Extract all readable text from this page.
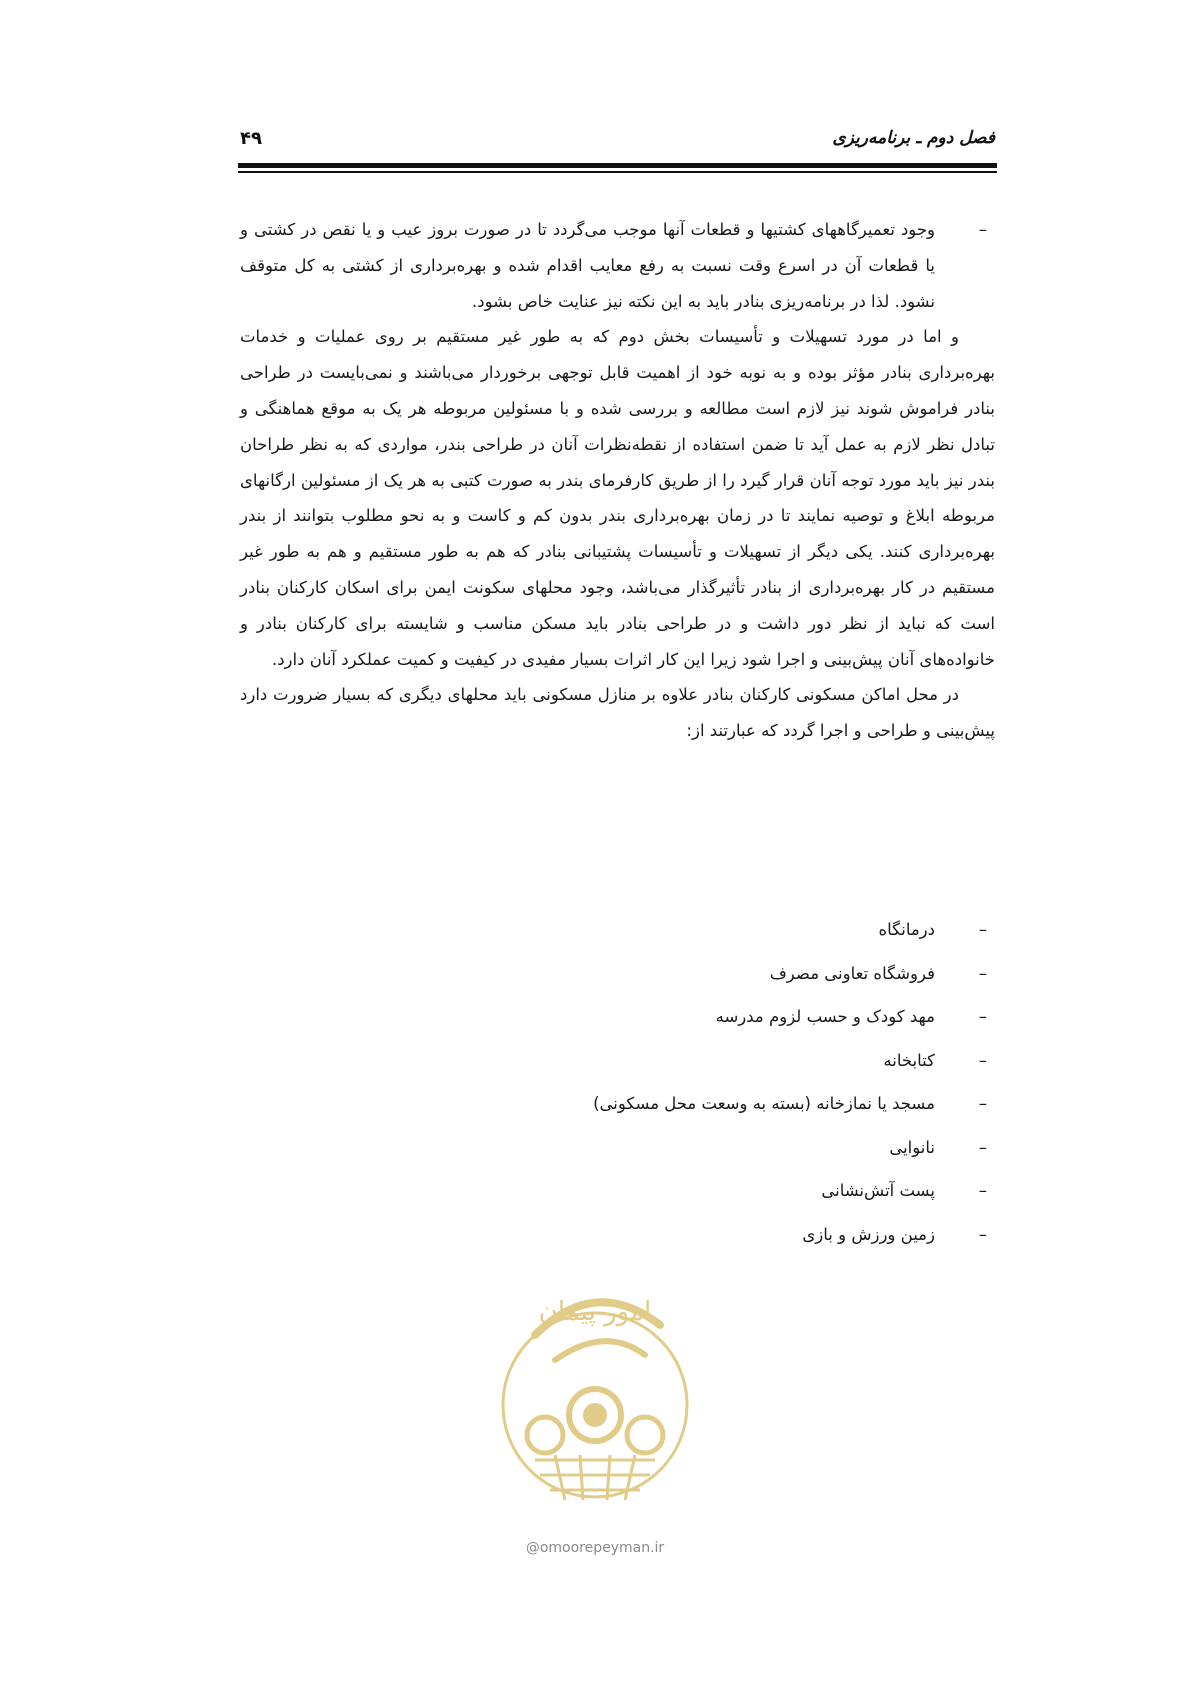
فصل دوم ـ برنامه‌ریزی
۴۹
–

وجود تعمیرگاههای کشتیها و قطعات آنها موجب می‌گردد تا در صورت بروز عیب و یا نقص در کشتی و یا قطعات آن در اسرع وقت نسبت به رفع معایب اقدام شده و بهره‌برداری از کشتی به کل متوقف نشود. لذا در برنامه‌ریزی بنادر باید به این نکته نیز عنایت خاص بشود.

و اما در مورد تسهیلات و تأسیسات بخش دوم که به طور غیر مستقیم بر روی عملیات و خدمات بهره‌برداری بنادر مؤثر بوده و به نوبه خود از اهمیت قابل توجهی برخوردار می‌باشند و نمی‌بایست در طراحی بنادر فراموش شوند نیز لازم است مطالعه و بررسی شده و با مسئولین مربوطه هر یک به موقع هماهنگی و تبادل نظر لازم به عمل آید تا ضمن استفاده از نقطه‌نظرات آنان در طراحی بندر، مواردی که به نظر طراحان بندر نیز باید مورد توجه آنان قرار گیرد را از طریق کارفرمای بندر به صورت کتبی به هر یک از مسئولین ارگانهای مربوطه ابلاغ و توصیه نمایند تا در زمان بهره‌برداری بندر بدون کم و کاست و به نحو مطلوب بتوانند از بندر بهره‌برداری کنند. یکی دیگر از تسهیلات و تأسیسات پشتیبانی بنادر که هم به طور مستقیم و هم به طور غیر مستقیم در کار بهره‌برداری از بنادر تأثیرگذار می‌باشد، وجود محلهای سکونت ایمن برای اسکان کارکنان بنادر است که نباید از نظر دور داشت و در طراحی بنادر باید مسکن مناسب و شایسته برای کارکنان بنادر و خانواده‌های آنان پیش‌بینی و اجرا شود زیرا این کار اثرات بسیار مفیدی در کیفیت و کمیت عملکرد آنان دارد.

در محل اماکن مسکونی کارکنان بنادر علاوه بر منازل مسکونی باید محلهای دیگری که بسیار ضرورت دارد پیش‌بینی و طراحی و اجرا گردد که عبارتند از:

–
درمانگاه
–
فروشگاه تعاونی مصرف
–
مهد کودک و حسب لزوم مدرسه
–
کتابخانه
–
مسجد یا نمازخانه (بسته به وسعت محل مسکونی)
–
نانوایی
–
پست آتش‌نشانی
–
زمین ورزش و بازی
امور پیمان
@omoorepeyman.ir
